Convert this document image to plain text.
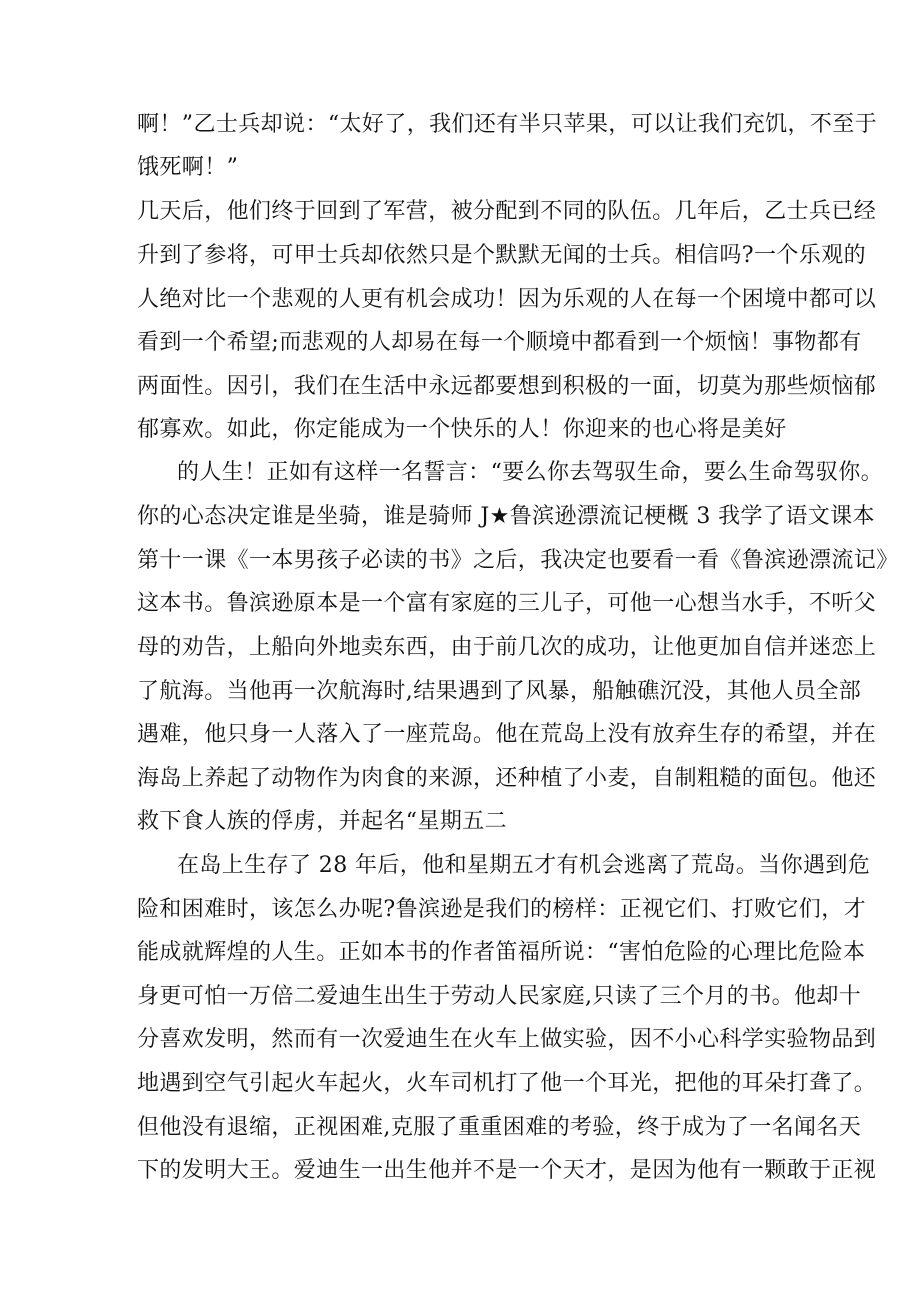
啊！”乙士兵却说：“太好了，我们还有半只苹果，可以让我们充饥，不至于
饿死啊！”
几天后，他们终于回到了军营，被分配到不同的队伍。几年后，乙士兵已经
升到了参将，可甲士兵却依然只是个默默无闻的士兵。相信吗?一个乐观的
人绝对比一个悲观的人更有机会成功！因为乐观的人在每一个困境中都可以
看到一个希望;而悲观的人却易在每一个顺境中都看到一个烦恼！事物都有
两面性。因引，我们在生活中永远都要想到积极的一面，切莫为那些烦恼郁
郁寡欢。如此，你定能成为一个快乐的人！你迎来的也心将是美好
的人生！正如有这样一名誓言：“要么你去驾驭生命，要么生命驾驭你。
你的心态决定谁是坐骑，谁是骑师 J★鲁滨逊漂流记梗概 3 我学了语文课本
第十一课《一本男孩子必读的书》之后，我决定也要看一看《鲁滨逊漂流记》
这本书。鲁滨逊原本是一个富有家庭的三儿子，可他一心想当水手，不听父
母的劝告，上船向外地卖东西，由于前几次的成功，让他更加自信并迷恋上
了航海。当他再一次航海时,结果遇到了风暴，船触礁沉没，其他人员全部
遇难，他只身一人落入了一座荒岛。他在荒岛上没有放弃生存的希望，并在
海岛上养起了动物作为肉食的来源，还种植了小麦，自制粗糙的面包。他还
救下食人族的俘虏，并起名“星期五二
在岛上生存了 28 年后，他和星期五才有机会逃离了荒岛。当你遇到危
险和困难时，该怎么办呢?鲁滨逊是我们的榜样：正视它们、打败它们，才
能成就辉煌的人生。正如本书的作者笛福所说：“害怕危险的心理比危险本
身更可怕一万倍二爱迪生出生于劳动人民家庭,只读了三个月的书。他却十
分喜欢发明，然而有一次爱迪生在火车上做实验，因不小心科学实验物品到
地遇到空气引起火车起火，火车司机打了他一个耳光，把他的耳朵打聋了。
但他没有退缩，正视困难,克服了重重困难的考验，终于成为了一名闻名天
下的发明大王。爱迪生一出生他并不是一个天才，是因为他有一颗敢于正视
